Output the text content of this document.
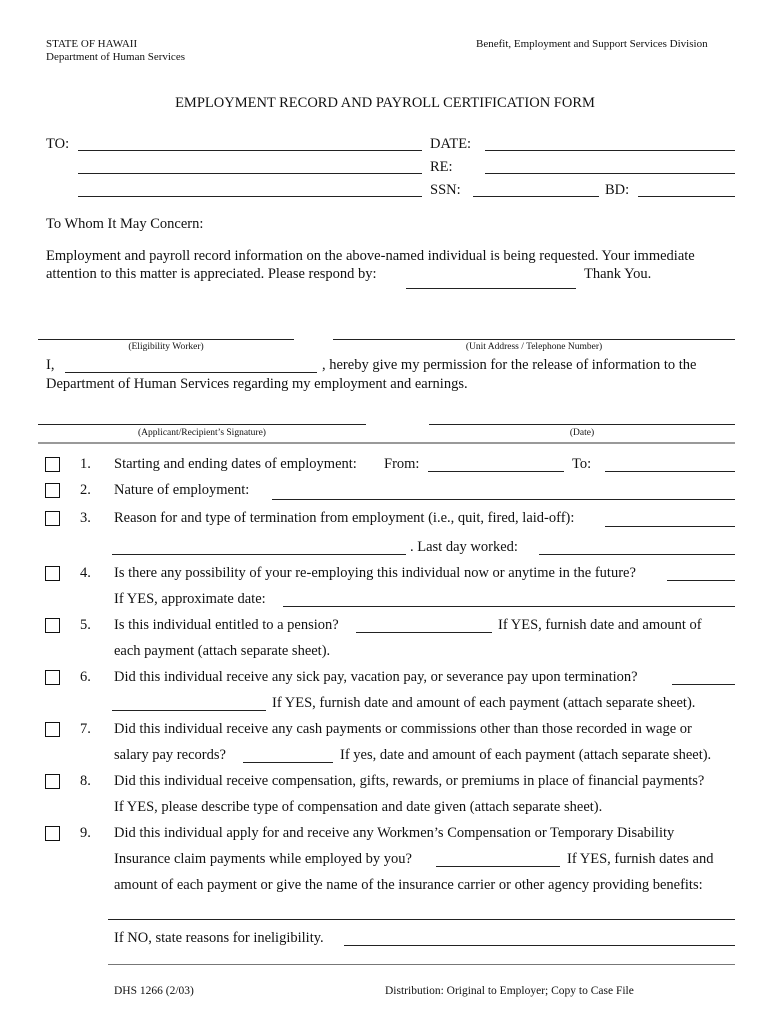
STATE OF HAWAII
Department of Human Services
Benefit, Employment and Support Services Division
EMPLOYMENT RECORD AND PAYROLL CERTIFICATION FORM
TO:	DATE:
RE:
SSN:	BD:
To Whom It May Concern:
Employment and payroll record information on the above-named individual is being requested. Your immediate
attention to this matter is appreciated. Please respond by:	Thank You.
(Eligibility Worker)	(Unit Address / Telephone Number)
I,	, hereby give my permission for the release of information to the
Department of Human Services regarding my employment and earnings.
(Applicant/Recipient’s Signature)	(Date)
1. Starting and ending dates of employment: From:	To:
2. Nature of employment:
3. Reason for and type of termination from employment (i.e., quit, fired, laid-off):
. Last day worked:
4. Is there any possibility of your re-employing this individual now or anytime in the future?
If YES, approximate date:
5. Is this individual entitled to a pension?	If YES, furnish date and amount of
each payment (attach separate sheet).
6. Did this individual receive any sick pay, vacation pay, or severance pay upon termination?
If YES, furnish date and amount of each payment (attach separate sheet).
7. Did this individual receive any cash payments or commissions other than those recorded in wage or
salary pay records?	If yes, date and amount of each payment (attach separate sheet).
8. Did this individual receive compensation, gifts, rewards, or premiums in place of financial payments?
If YES, please describe type of compensation and date given (attach separate sheet).
9. Did this individual apply for and receive any Workmen’s Compensation or Temporary Disability
Insurance claim payments while employed by you?	If YES, furnish dates and
amount of each payment or give the name of the insurance carrier or other agency providing benefits:
If NO, state reasons for ineligibility.
DHS 1266 (2/03)	Distribution: Original to Employer; Copy to Case File
